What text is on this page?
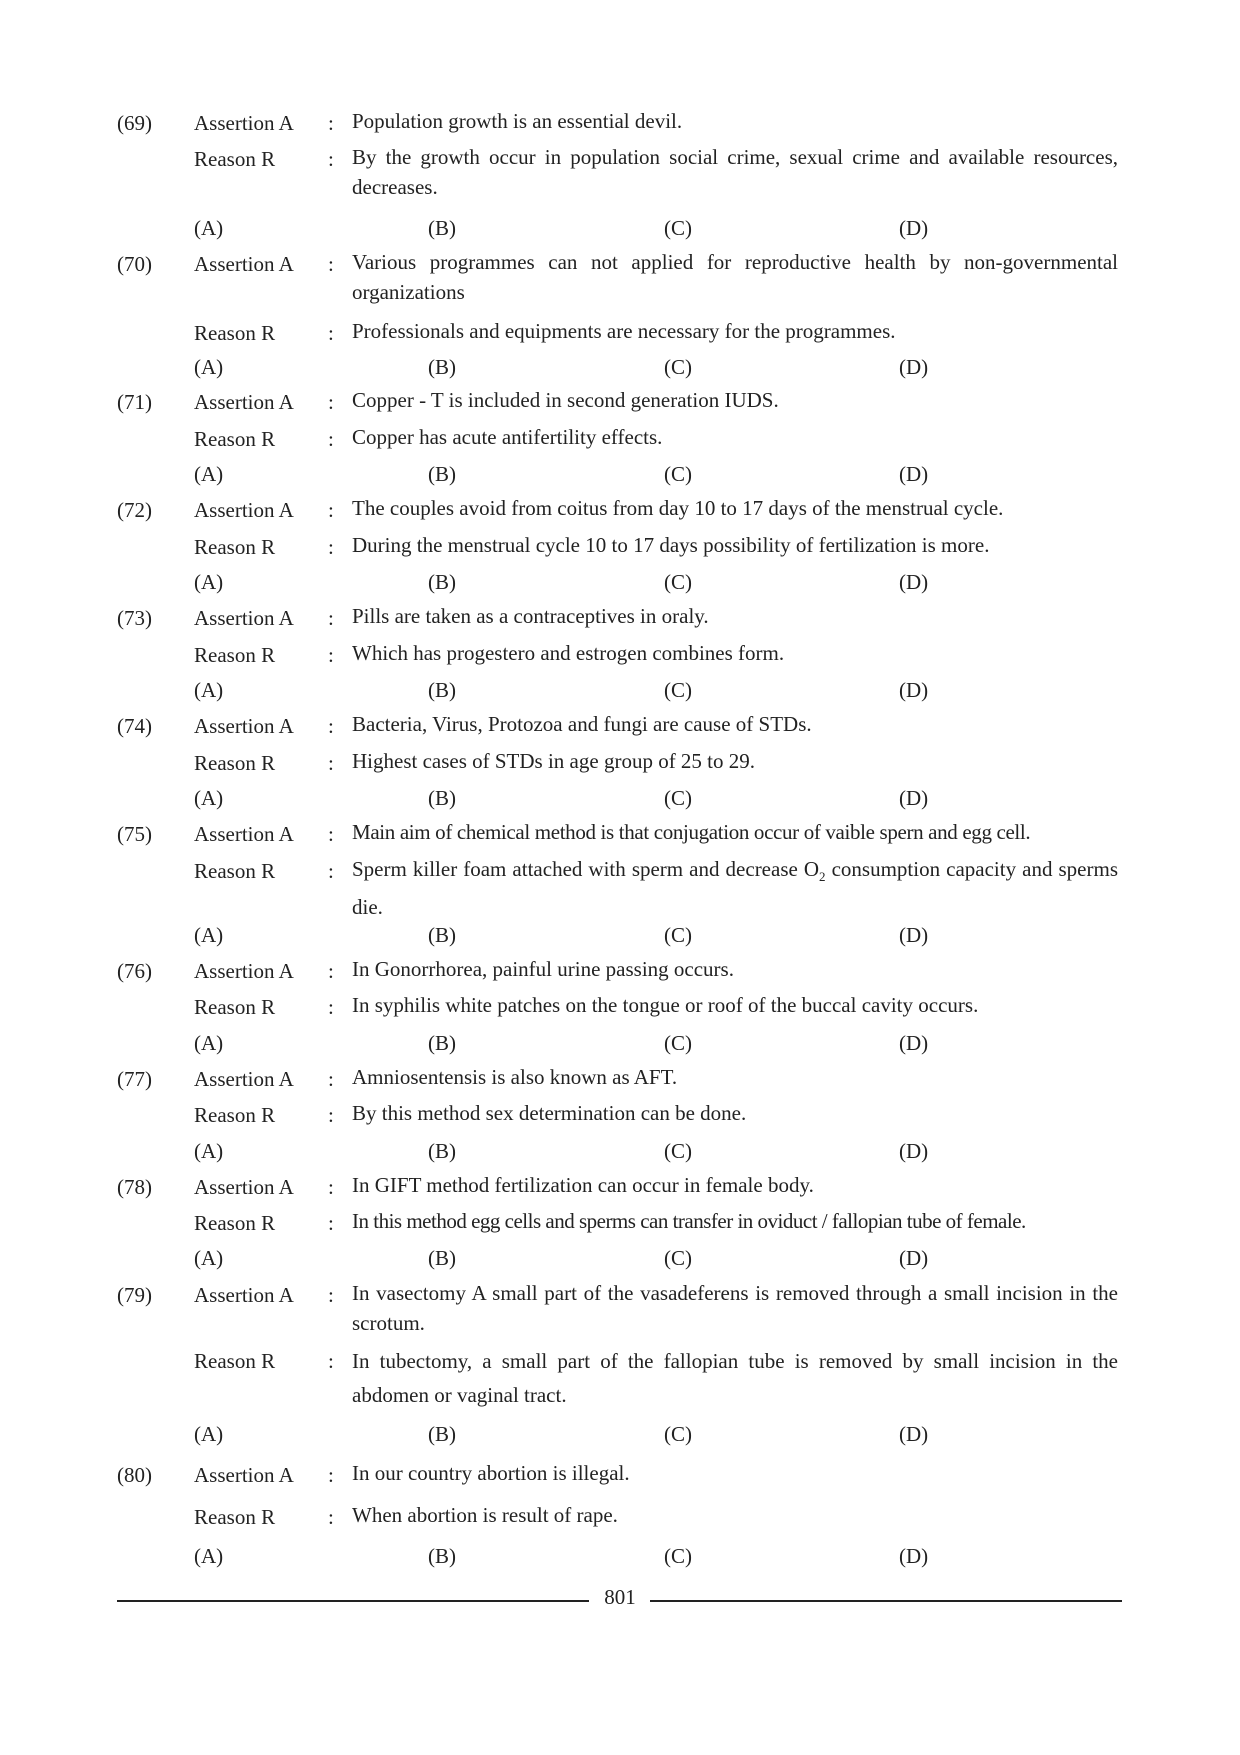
(69) Assertion A : Population growth is an essential devil.
Reason R	: By the growth occur in population social crime, sexual crime and available resources, decreases.
(A)	(B)	(C)	(D)
(70) Assertion A : Various programmes can not applied for reproductive health by non-governmental organizations
Reason R	: Professionals and equipments are necessary for the programmes.
(A)	(B)	(C)	(D)
(71) Assertion A : Copper - T is included in second generation IUDS.
Reason R	: Copper has acute antifertility effects.
(A)	(B)	(C)	(D)
(72) Assertion A : The couples avoid from coitus from day 10 to 17 days of the menstrual cycle.
Reason R	: During the menstrual cycle 10 to 17 days possibility of fertilization is more.
(A)	(B)	(C)	(D)
(73) Assertion A : Pills are taken as a contraceptives in oraly.
Reason R	: Which has progestero and estrogen combines form.
(A)	(B)	(C)	(D)
(74) Assertion A : Bacteria, Virus, Protozoa and fungi are cause of STDs.
Reason R	: Highest cases of STDs in age group of 25 to 29.
(A)	(B)	(C)	(D)
(75) Assertion A : Main aim of chemical method is that conjugation occur of vaible spern and egg cell.
Reason R	: Sperm killer foam attached with sperm and decrease $O_2$ consumption capacity and sperms die.
(A)	(B)	(C)	(D)
(76) Assertion A : In Gonorrhorea, painful urine passing occurs.
Reason R	: In syphilis white patches on the tongue or roof of the buccal cavity occurs.
(A)	(B)	(C)	(D)
(77) Assertion A : Amniosentensis is also known as AFT.
Reason R	: By this method sex determination can be done.
(A)	(B)	(C)	(D)
(78) Assertion A : In GIFT method fertilization can occur in female body.
Reason R	: In this method egg cells and sperms can transfer in oviduct / fallopian tube of female.
(A)	(B)	(C)	(D)
(79) Assertion A : In vasectomy A small part of the vasadeferens is removed through a small incision in the scrotum.
Reason R	: In tubectomy, a small part of the fallopian tube is removed by small incision in the abdomen or vaginal tract.
(A)	(B)	(C)	(D)
(80) Assertion A : In our country abortion is illegal.
Reason R	: When abortion is result of rape.
(A)	(B)	(C)	(D)
801
